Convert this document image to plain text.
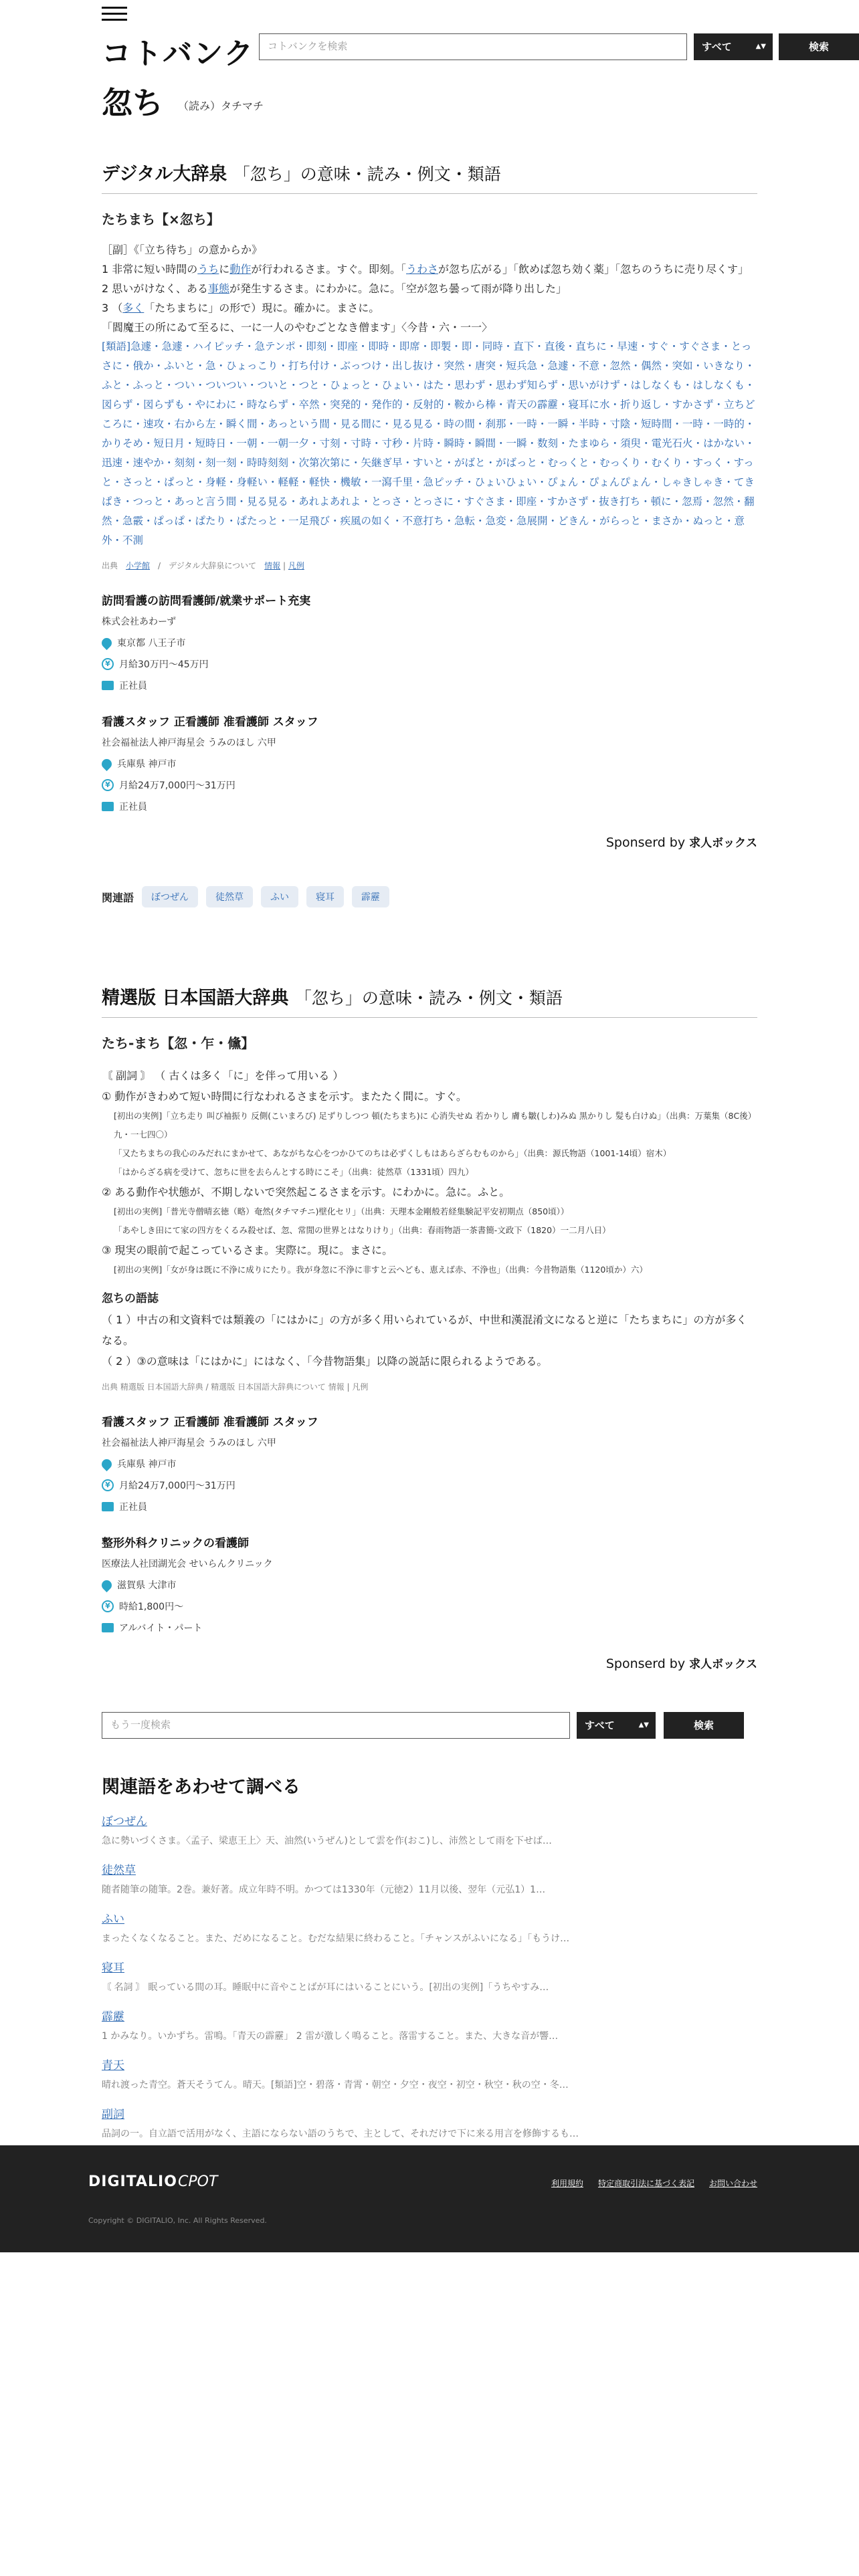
コトバンク	コトバンクを検索	すべて	▲▼	検索
忽ち （読み）タチマチ
デジタル大辞泉 「忽ち」の意味・読み・例文・類語
たちまち【×忽ち】
［副］《「立ち待ち」の意からか》
1 非常に短い時間のうちに動作が行われるさま。すぐ。即刻。「うわさが忽ち広がる」「飲めば忽ち効く薬」「忽ちのうちに売り尽くす」
2 思いがけなく、ある事態が発生するさま。にわかに。急に。「空が忽ち曇って雨が降り出した」
3 （多く「たちまちに」の形で）現に。確かに。まさに。
「閻魔王の所にゐて至るに、一に一人のやむごとなき僧ます」〈今昔・六・一一〉
[類語]急遽・急遽・ハイピッチ・急テンポ・即刻・即座・即時・即席・即製・即・同時・直下・直後・直ちに・早速・すぐ・すぐさま・とっさに・俄か・ふいと・急・ひょっこり・打ち付け・ぶっつけ・出し抜け・突然・唐突・短兵急・急遽・不意・忽然・偶然・突如・いきなり・ふと・ふっと・つい・ついつい・ついと・つと・ひょっと・ひょい・はた・思わず・思わず知らず・思いがけず・はしなくも・はしなくも・図らず・図らずも・やにわに・時ならず・卒然・突発的・発作的・反射的・鞍から棒・青天の霹靂・寝耳に水・折り返し・すかさず・立ちどころに・速攻・右から左・瞬く間・あっという間・見る間に・見る見る・時の間・刹那・一時・一瞬・半時・寸陰・短時間・一時・一時的・かりそめ・短日月・短時日・一朝・一朝一夕・寸刻・寸時・寸秒・片時・瞬時・瞬間・一瞬・数刻・たまゆら・須臾・電光石火・はかない・迅速・速やか・刻刻・刻一刻・時時刻刻・次第次第に・矢継ぎ早・すいと・がばと・がばっと・むっくと・むっくり・むくり・すっく・すっと・さっと・ぱっと・身軽・身軽い・軽軽・軽快・機敏・一瀉千里・急ピッチ・ひょいひょい・ぴょん・ぴょんぴょん・しゃきしゃき・てきぱき・つっと・あっと言う間・見る見る・あれよあれよ・とっさ・とっさに・すぐさま・即座・すかさず・抜き打ち・頓に・忽焉・忽然・翻然・急霰・ぱっぱ・ぱたり・ぱたっと・一足飛び・疾風の如く・不意打ち・急転・急変・急展開・どきん・がらっと・まさか・ぬっと・意外・不測
出典　 小学館　/　デジタル大辞泉について　 情報 | 凡例
訪問看護の訪問看護師/就業サポート充実
株式会社あわーず
東京都 八王子市
¥ 月給30万円〜45万円
正社員
看護スタッフ 正看護師 准看護師 スタッフ
社会福祉法人神戸海星会 うみのほし 六甲
兵庫県 神戸市
¥ 月給24万7,000円〜31万円
正社員
Sponserd by 求人ボックス
関連語	ぼつぜん	徒然草	ふい	寝耳	霹靂
精選版 日本国語大辞典 「忽ち」の意味・読み・例文・類語
たち‐まち【忽・乍・儵】
〘 副詞 〙 （ 古くは多く「に」を伴って用いる ）
① 動作がきわめて短い時間に行なわれるさまを示す。またたく間に。すぐ。
[初出の実例]「立ち走り 叫び袖振り 反側(こいまろび) 足ずりしつつ 頓(たちまち)に 心消失せぬ 若かりし 膚も皺(しわ)みぬ 黒かりし 髪も白けぬ」（出典：万葉集（8C後）九・一七四〇）
「又たちまちの我心のみだれにまかせて、あながちな心をつかひてのちは必ずくしもはあらざらむものから」（出典：源氏物語（1001‐14頃）宿木）
「はからざる病を受けて、忽ちに世を去らんとする時にこそ」（出典：徒然草（1331頃）四九）
② ある動作や状態が、不期しないで突然起こるさまを示す。にわかに。急に。ふと。
[初出の実例]「普光寺僧晴玄徳（略）奄然(タチマチニ)壁化セリ」（出典：天理本金剛般若経集験記平安初期点（850頃））
「あやしき田にて家の四方をくるみ殺せば、忽、常閒の世界とはなりけり」（出典：春雨物語一茶書簡‐文政下（1820）一二月八日）
③ 現実の眼前で起こっているさま。実際に。現に。まさに。
[初出の実例]「女が身は既に不浄に成りにたり。我が身忽に不浄に非すと云へども、恵えば赤、不浄也」（出典：今昔物語集（1120頃か）六）
忽ちの語誌
（ 1 ）中古の和文資料では類義の「にはかに」の方が多く用いられているが、中世和漢混淆文になると逆に「たちまちに」の方が多くなる。
（ 2 ）③の意味は「にはかに」にはなく、「今昔物語集」以降の説話に限られるようである。
出典 精選版 日本国語大辞典 / 精選版 日本国語大辞典について 情報 | 凡例
看護スタッフ 正看護師 准看護師 スタッフ
社会福祉法人神戸海星会 うみのほし 六甲
兵庫県 神戸市
¥ 月給24万7,000円〜31万円
正社員
整形外科クリニックの看護師
医療法人社団湖光会 せいらんクリニック
滋賀県 大津市
¥ 時給1,800円〜
アルバイト・パート
Sponserd by 求人ボックス
もう一度検索	すべて	▲▼	検索
関連語をあわせて調べる
ぼつぜん
急に勢いづくさま。〈孟子、梁恵王上〉天、油然(いうぜん)として雲を作(おこ)し、沛然として雨を下せば…
徒然草
随者随筆の随筆。2巻。兼好著。成立年時不明。かつては1330年（元徳2）11月以後、翌年（元弘1）1…
ふい
まったくなくなること。また、だめになること。むだな結果に終わること。「チャンスがふいになる」「もうけ…
寝耳
〘 名詞 〙 眠っている間の耳。睡眠中に音やことばが耳にはいることにいう。[初出の実例]「うちやすみ…
霹靂
1 かみなり。いかずち。雷鳴。「青天の霹靂」 2 雷が激しく鳴ること。落雷すること。また、大きな音が響…
青天
晴れ渡った青空。蒼天そうてん。晴天。[類語]空・碧落・青霄・朝空・夕空・夜空・初空・秋空・秋の空・冬…
副詞
品詞の一。自立語で活用がなく、主語にならない語のうちで、主として、それだけで下に来る用言を修飾するも…
DIGITALIO CPOT	利用規約 特定商取引法に基づく表記 お問い合わせ
Copyright © DIGITALIO, Inc. All Rights Reserved.
